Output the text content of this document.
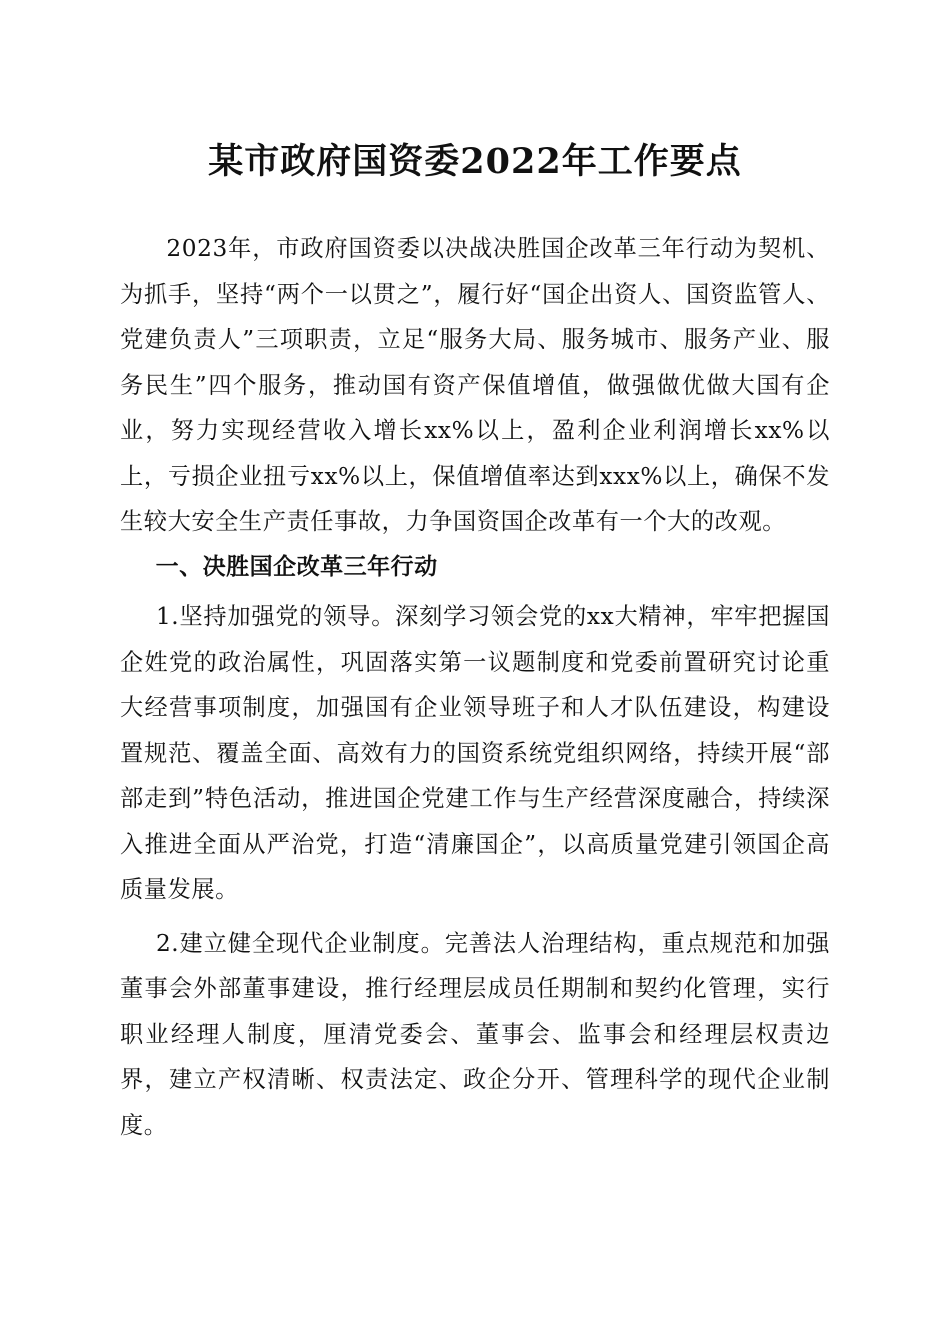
某市政府国资委2022年工作要点

2023年，市政府国资委以决战决胜国企改革三年行动为契机、为抓手，坚持“两个一以贯之”，履行好“国企出资人、国资监管人、党建负责人”三项职责，立足“服务大局、服务城市、服务产业、服务民生”四个服务，推动国有资产保值增值，做强做优做大国有企业，努力实现经营收入增长xx%以上，盈利企业利润增长xx%以上，亏损企业扭亏xx%以上，保值增值率达到xxx%以上，确保不发生较大安全生产责任事故，力争国资国企改革有一个大的改观。

一、决胜国企改革三年行动

1.坚持加强党的领导。深刻学习领会党的xx大精神，牢牢把握国企姓党的政治属性，巩固落实第一议题制度和党委前置研究讨论重大经营事项制度，加强国有企业领导班子和人才队伍建设，构建设置规范、覆盖全面、高效有力的国资系统党组织网络，持续开展“部部走到”特色活动，推进国企党建工作与生产经营深度融合，持续深入推进全面从严治党，打造“清廉国企”，以高质量党建引领国企高质量发展。

2.建立健全现代企业制度。完善法人治理结构，重点规范和加强董事会外部董事建设，推行经理层成员任期制和契约化管理，实行职业经理人制度，厘清党委会、董事会、监事会和经理层权责边界，建立产权清晰、权责法定、政企分开、管理科学的现代企业制度。
